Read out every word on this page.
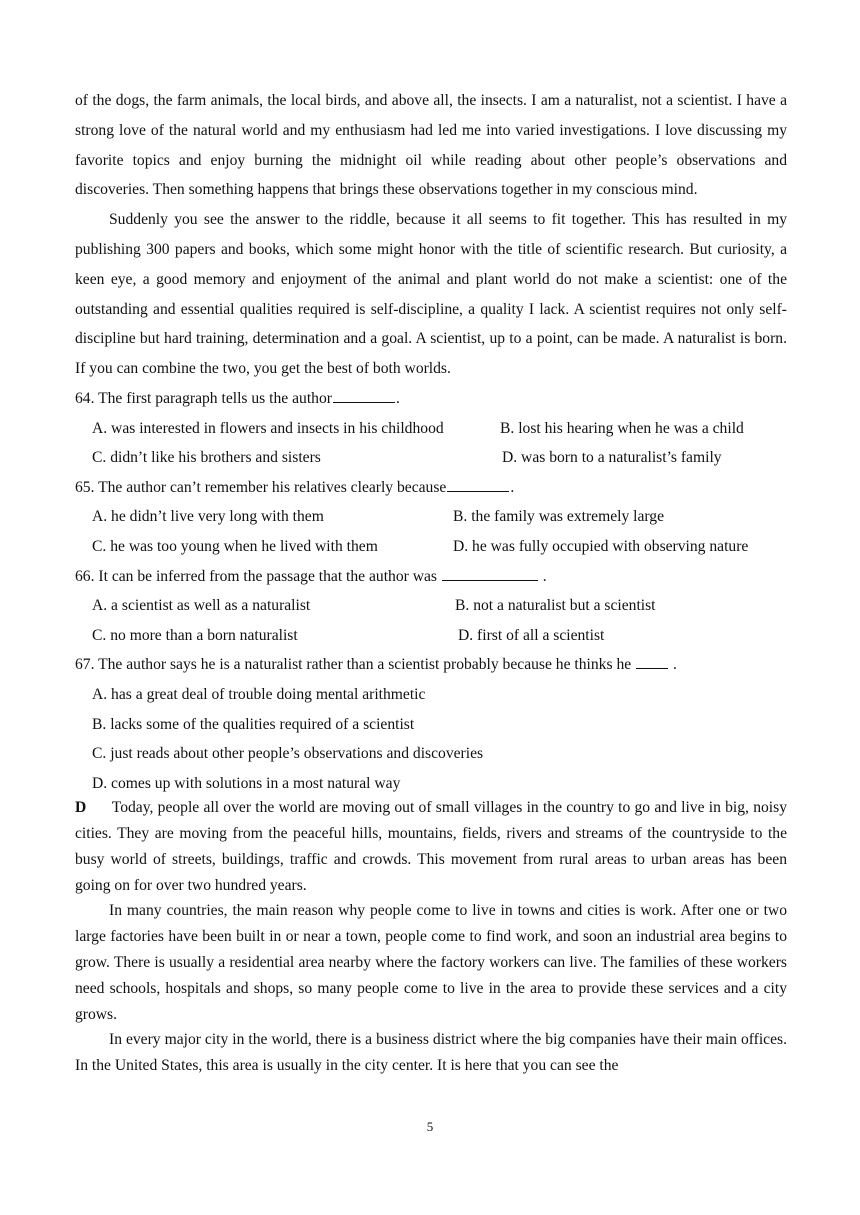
of the dogs, the farm animals, the local birds, and above all, the insects. I am a naturalist, not a scientist. I have a strong love of the natural world and my enthusiasm had led me into varied investigations. I love discussing my favorite topics and enjoy burning the midnight oil while reading about other people’s observations and discoveries. Then something happens that brings these observations together in my conscious mind.

Suddenly you see the answer to the riddle, because it all seems to fit together. This has resulted in my publishing 300 papers and books, which some might honor with the title of scientific research. But curiosity, a keen eye, a good memory and enjoyment of the animal and plant world do not make a scientist: one of the outstanding and essential qualities required is self-discipline, a quality I lack. A scientist requires not only self-discipline but hard training, determination and a goal. A scientist, up to a point, can be made. A naturalist is born. If you can combine the two, you get the best of both worlds.

64. The first paragraph tells us the author	.

A. was interested in flowers and insects in his childhood	B. lost his hearing when he was a child
C. didn’t like his brothers and sisters	D. was born to a naturalist’s family

65. The author can’t remember his relatives clearly because	.

A. he didn’t live very long with them	B. the family was extremely large
C. he was too young when he lived with them	D. he was fully occupied with observing nature

66. It can be inferred from the passage that the author was	.

A. a scientist as well as a naturalist	B. not a naturalist but a scientist
C. no more than a born naturalist	D. first of all a scientist

67. The author says he is a naturalist rather than a scientist probably because he thinks he	.

A. has a great deal of trouble doing mental arithmetic
B. lacks some of the qualities required of a scientist
C. just reads about other people’s observations and discoveries
D. comes up with solutions in a most natural way

D Today, people all over the world are moving out of small villages in the country to go and live in big, noisy cities. They are moving from the peaceful hills, mountains, fields, rivers and streams of the countryside to the busy world of streets, buildings, traffic and crowds. This movement from rural areas to urban areas has been going on for over two hundred years.

In many countries, the main reason why people come to live in towns and cities is work. After one or two large factories have been built in or near a town, people come to find work, and soon an industrial area begins to grow. There is usually a residential area nearby where the factory workers can live. The families of these workers need schools, hospitals and shops, so many people come to live in the area to provide these services and a city grows.

In every major city in the world, there is a business district where the big companies have their main offices. In the United States, this area is usually in the city center. It is here that you can see the

5
